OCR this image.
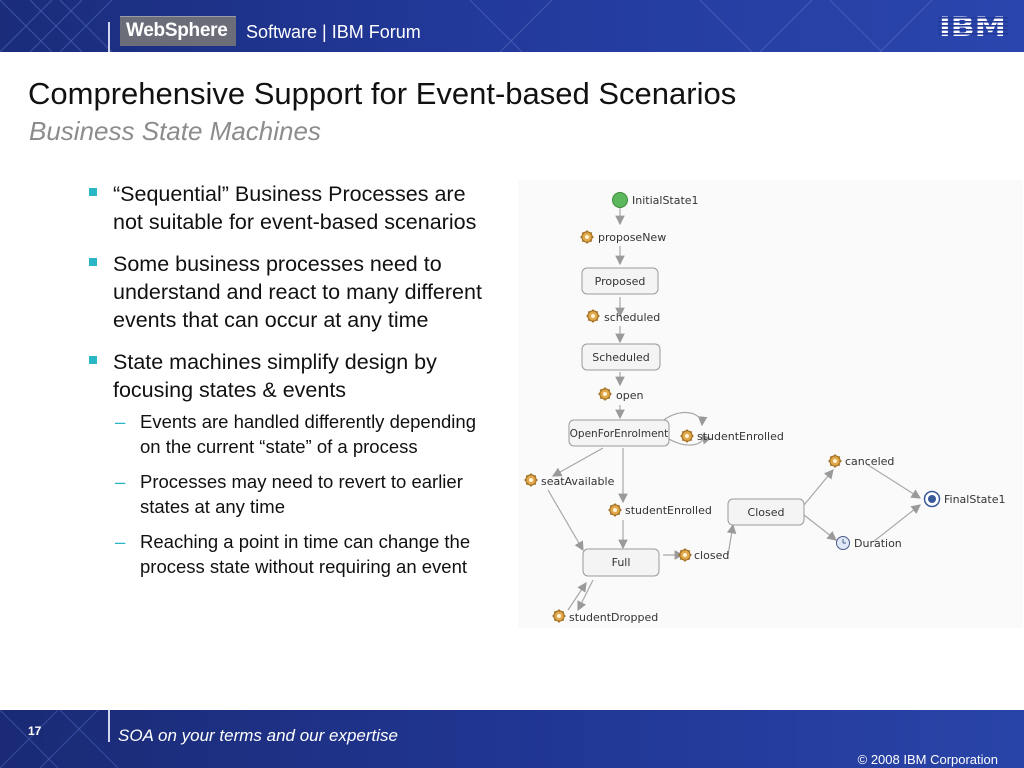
WebSphere Software | IBM Forum
Comprehensive Support for Event-based Scenarios
Business State Machines
“Sequential” Business Processes are not suitable for event-based scenarios
Some business processes need to understand and react to many different events that can occur at any time
State machines simplify design by focusing states & events
– Events are handled differently depending on the current “state” of a process
– Processes may need to revert to earlier states at any time
– Reaching a point in time can change the process state without requiring an event
InitialState1
proposeNew
Proposed
scheduled
Scheduled
open
OpenForEnrolment	studentEnrolled
seatAvailable
studentEnrolled
Full
closed
studentDropped
Closed
canceled
Duration
FinalState1
17	SOA on your terms and our expertise
© 2008 IBM Corporation
